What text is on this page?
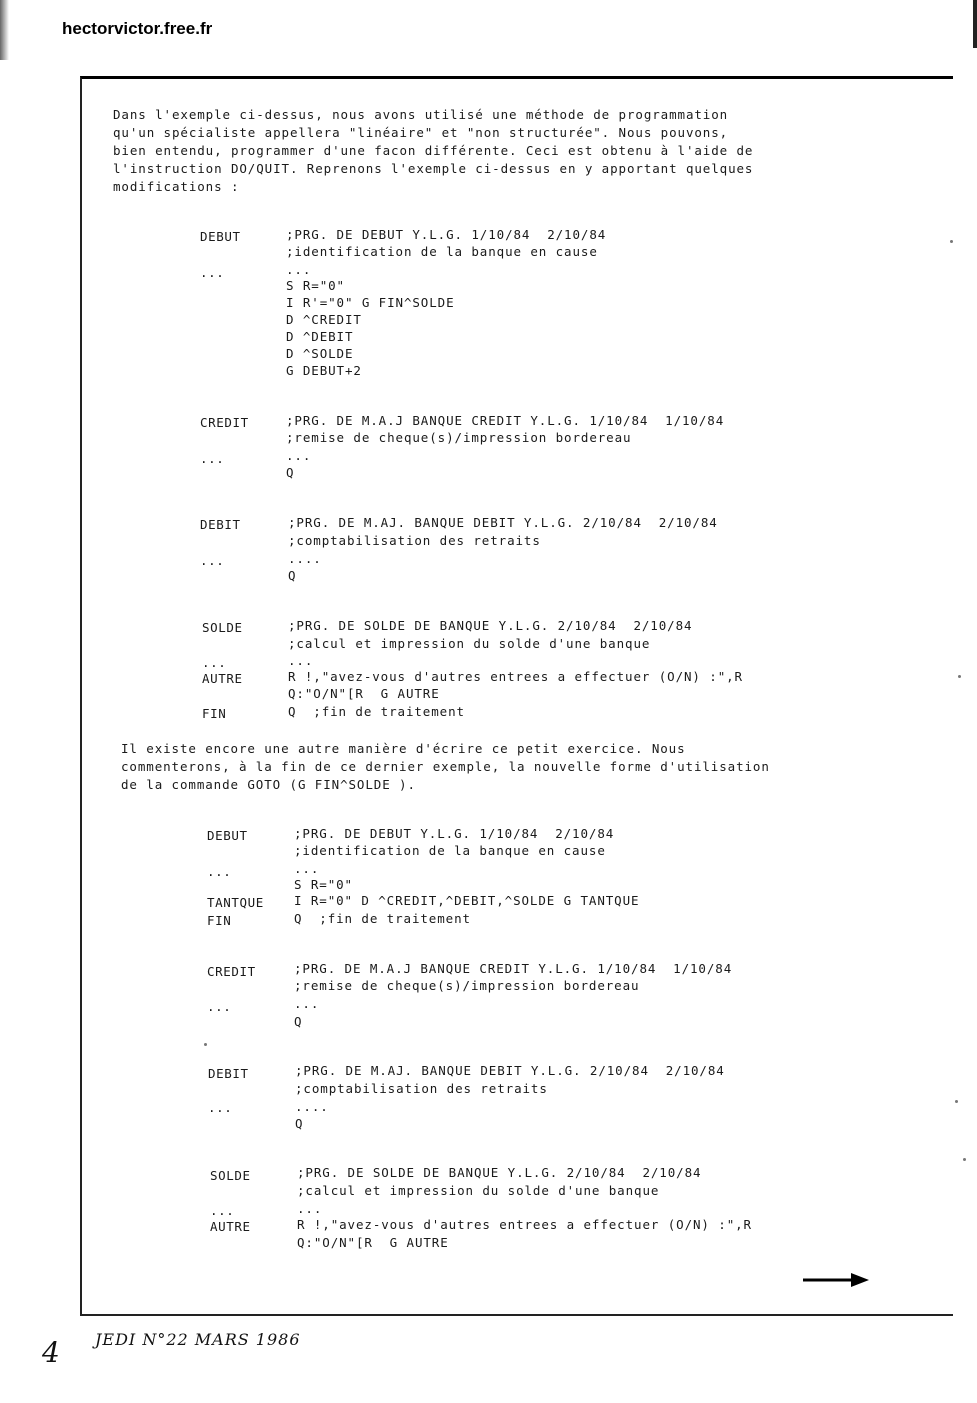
hectorvictor.free.fr
Dans l'exemple ci-dessus, nous avons utilisé une méthode de programmation
qu'un spécialiste appellera "linéaire" et "non structurée". Nous pouvons,
bien entendu, programmer d'une facon différente. Ceci est obtenu à l'aide de
l'instruction DO/QUIT. Reprenons l'exemple ci-dessus en y apportant quelques
modifications :
DEBUT
...
;PRG. DE DEBUT Y.L.G. 1/10/84  2/10/84
;identification de la banque en cause
...
S R="0"
I R'="0" G FIN^SOLDE
D ^CREDIT
D ^DEBIT
D ^SOLDE
G DEBUT+2
CREDIT
...
;PRG. DE M.A.J BANQUE CREDIT Y.L.G. 1/10/84  1/10/84
;remise de cheque(s)/impression bordereau
...
Q
DEBIT
...
;PRG. DE M.AJ. BANQUE DEBIT Y.L.G. 2/10/84  2/10/84
;comptabilisation des retraits
....
Q
SOLDE
...
AUTRE
FIN
;PRG. DE SOLDE DE BANQUE Y.L.G. 2/10/84  2/10/84
;calcul et impression du solde d'une banque
...
R !,"avez-vous d'autres entrees a effectuer (O/N) :",R
Q:"O/N"[R  G AUTRE
Q  ;fin de traitement
Il existe encore une autre manière d'écrire ce petit exercice. Nous
commenterons, à la fin de ce dernier exemple, la nouvelle forme d'utilisation
de la commande GOTO (G FIN^SOLDE ).
DEBUT
...
TANTQUE
FIN
;PRG. DE DEBUT Y.L.G. 1/10/84  2/10/84
;identification de la banque en cause
...
S R="0"
I R="0" D ^CREDIT,^DEBIT,^SOLDE G TANTQUE
Q  ;fin de traitement
CREDIT
...
;PRG. DE M.A.J BANQUE CREDIT Y.L.G. 1/10/84  1/10/84
;remise de cheque(s)/impression bordereau
...
Q
DEBIT
...
;PRG. DE M.AJ. BANQUE DEBIT Y.L.G. 2/10/84  2/10/84
;comptabilisation des retraits
....
Q
SOLDE
...
AUTRE
;PRG. DE SOLDE DE BANQUE Y.L.G. 2/10/84  2/10/84
;calcul et impression du solde d'une banque
...
R !,"avez-vous d'autres entrees a effectuer (O/N) :",R
Q:"O/N"[R  G AUTRE
4 JEDI N°22 MARS 1986
